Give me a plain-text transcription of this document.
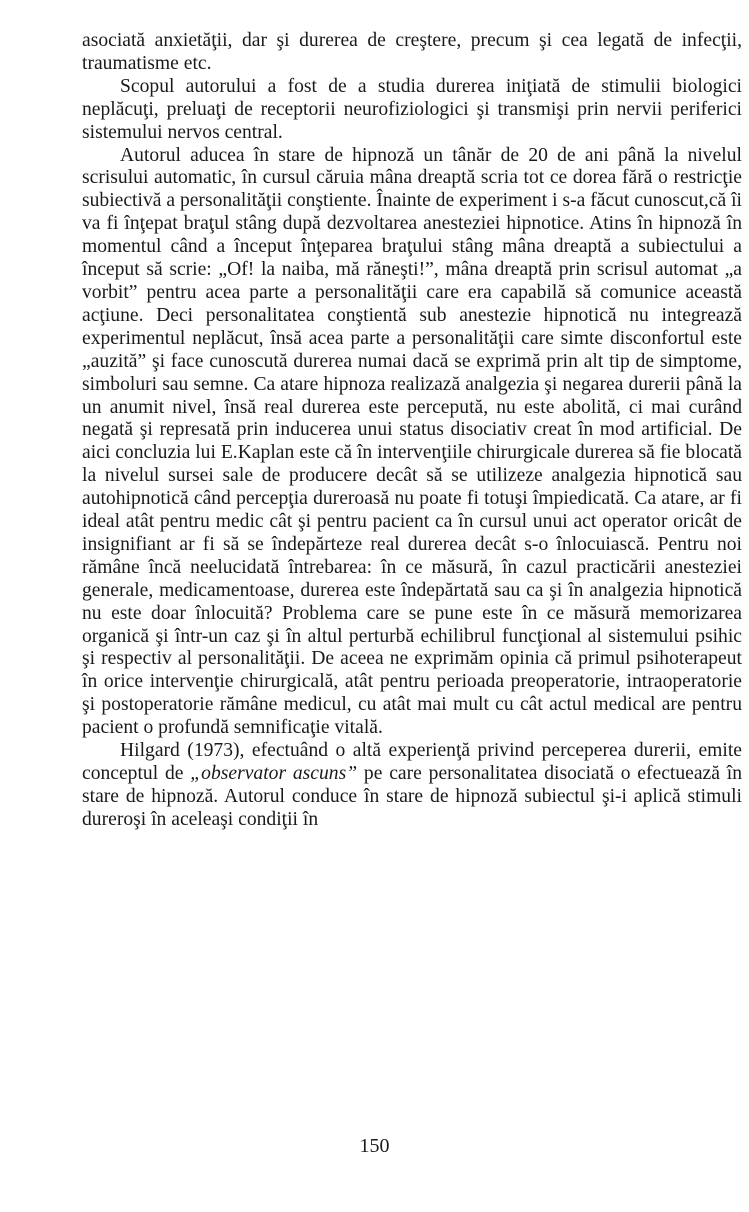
asociată anxietăţii, dar şi durerea de creştere, precum şi cea legată de infecţii, traumatisme etc.

Scopul autorului a fost de a studia durerea iniţiată de stimulii biologici neplăcuţi, preluaţi de receptorii neurofiziologici şi transmişi prin nervii periferici sistemului nervos central.

Autorul aducea în stare de hipnoză un tânăr de 20 de ani până la nivelul scrisului automatic, în cursul căruia mâna dreaptă scria tot ce dorea fără o restricţie subiectivă a personalităţii conştiente. Înainte de experiment i s-a făcut cunoscut,că îi va fi înţepat braţul stâng după dezvoltarea anesteziei hipnotice. Atins în hipnoză în momentul când a început înţeparea braţului stâng mâna dreaptă a subiectului a început să scrie: „Of! la naiba, mă răneşti!”, mâna dreaptă prin scrisul automat „a vorbit” pentru acea parte a personalităţii care era capabilă să comunice această acţiune. Deci personalitatea conştientă sub anestezie hipnotică nu integrează experimentul neplăcut, însă acea parte a personalităţii care simte disconfortul este „auzită” şi face cunoscută durerea numai dacă se exprimă prin alt tip de simptome, simboluri sau semne. Ca atare hipnoza realizază analgezia şi negarea durerii până la un anumit nivel, însă real durerea este percepută, nu este abolită, ci mai curând negată şi represată prin inducerea unui status disociativ creat în mod artificial. De aici concluzia lui E.Kaplan este că în intervenţiile chirurgicale durerea să fie blocată la nivelul sursei sale de producere decât să se utilizeze analgezia hipnotică sau autohipnotică când percepţia dureroasă nu poate fi totuşi împiedicată. Ca atare, ar fi ideal atât pentru medic cât şi pentru pacient ca în cursul unui act operator oricât de insignifiant ar fi să se îndepărteze real durerea decât s-o înlocuiască. Pentru noi rămâne încă neelucidată întrebarea: în ce măsură, în cazul practicării anesteziei generale, medicamentoase, durerea este îndepărtată sau ca şi în analgezia hipnotică nu este doar înlocuită? Problema care se pune este în ce măsură memorizarea organică şi într-un caz şi în altul perturbă echilibrul funcţional al sistemului psihic şi respectiv al personalităţii. De aceea ne exprimăm opinia că primul psihoterapeut în orice intervenţie chirurgicală, atât pentru perioada preoperatorie, intraoperatorie şi postoperatorie rămâne medicul, cu atât mai mult cu cât actul medical are pentru pacient o profundă semnificaţie vitală.

Hilgard (1973), efectuând o altă experienţă privind perceperea durerii, emite conceptul de „observator ascuns” pe care personalitatea disociată o efectuează în stare de hipnoză. Autorul conduce în stare de hipnoză subiectul şi-i aplică stimuli dureroşi în aceleaşi condiţii în

150
